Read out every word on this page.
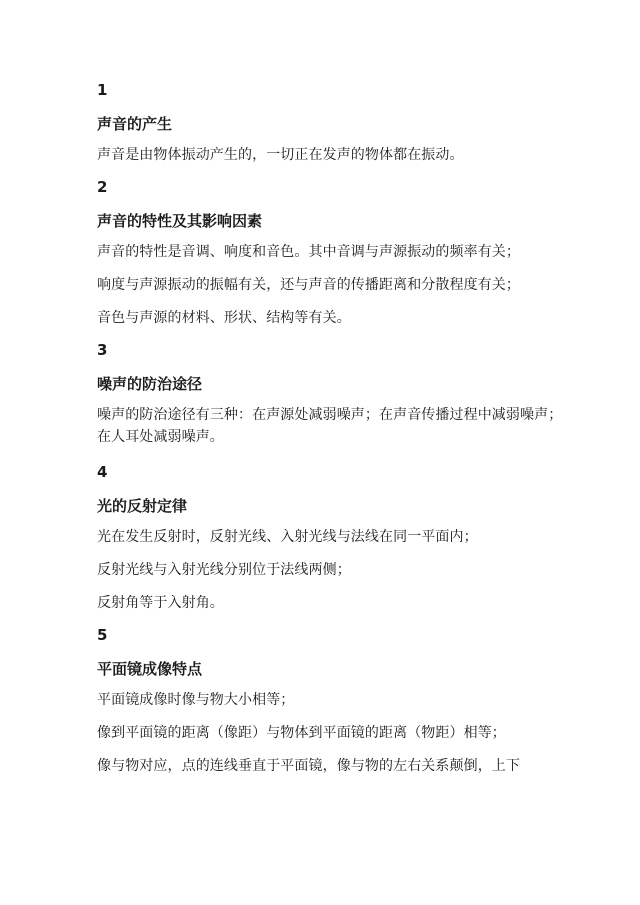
1

声音的产生

声音是由物体振动产生的，一切正在发声的物体都在振动。

2

声音的特性及其影响因素

声音的特性是音调、响度和音色。其中音调与声源振动的频率有关；

响度与声源振动的振幅有关，还与声音的传播距离和分散程度有关；

音色与声源的材料、形状、结构等有关。

3

噪声的防治途径

噪声的防治途径有三种：在声源处减弱噪声；在声音传播过程中减弱噪声；在人耳处减弱噪声。

4

光的反射定律

光在发生反射时，反射光线、入射光线与法线在同一平面内；

反射光线与入射光线分别位于法线两侧；

反射角等于入射角。

5

平面镜成像特点

平面镜成像时像与物大小相等；

像到平面镜的距离（像距）与物体到平面镜的距离（物距）相等；

像与物对应，点的连线垂直于平面镜，像与物的左右关系颠倒，上下
